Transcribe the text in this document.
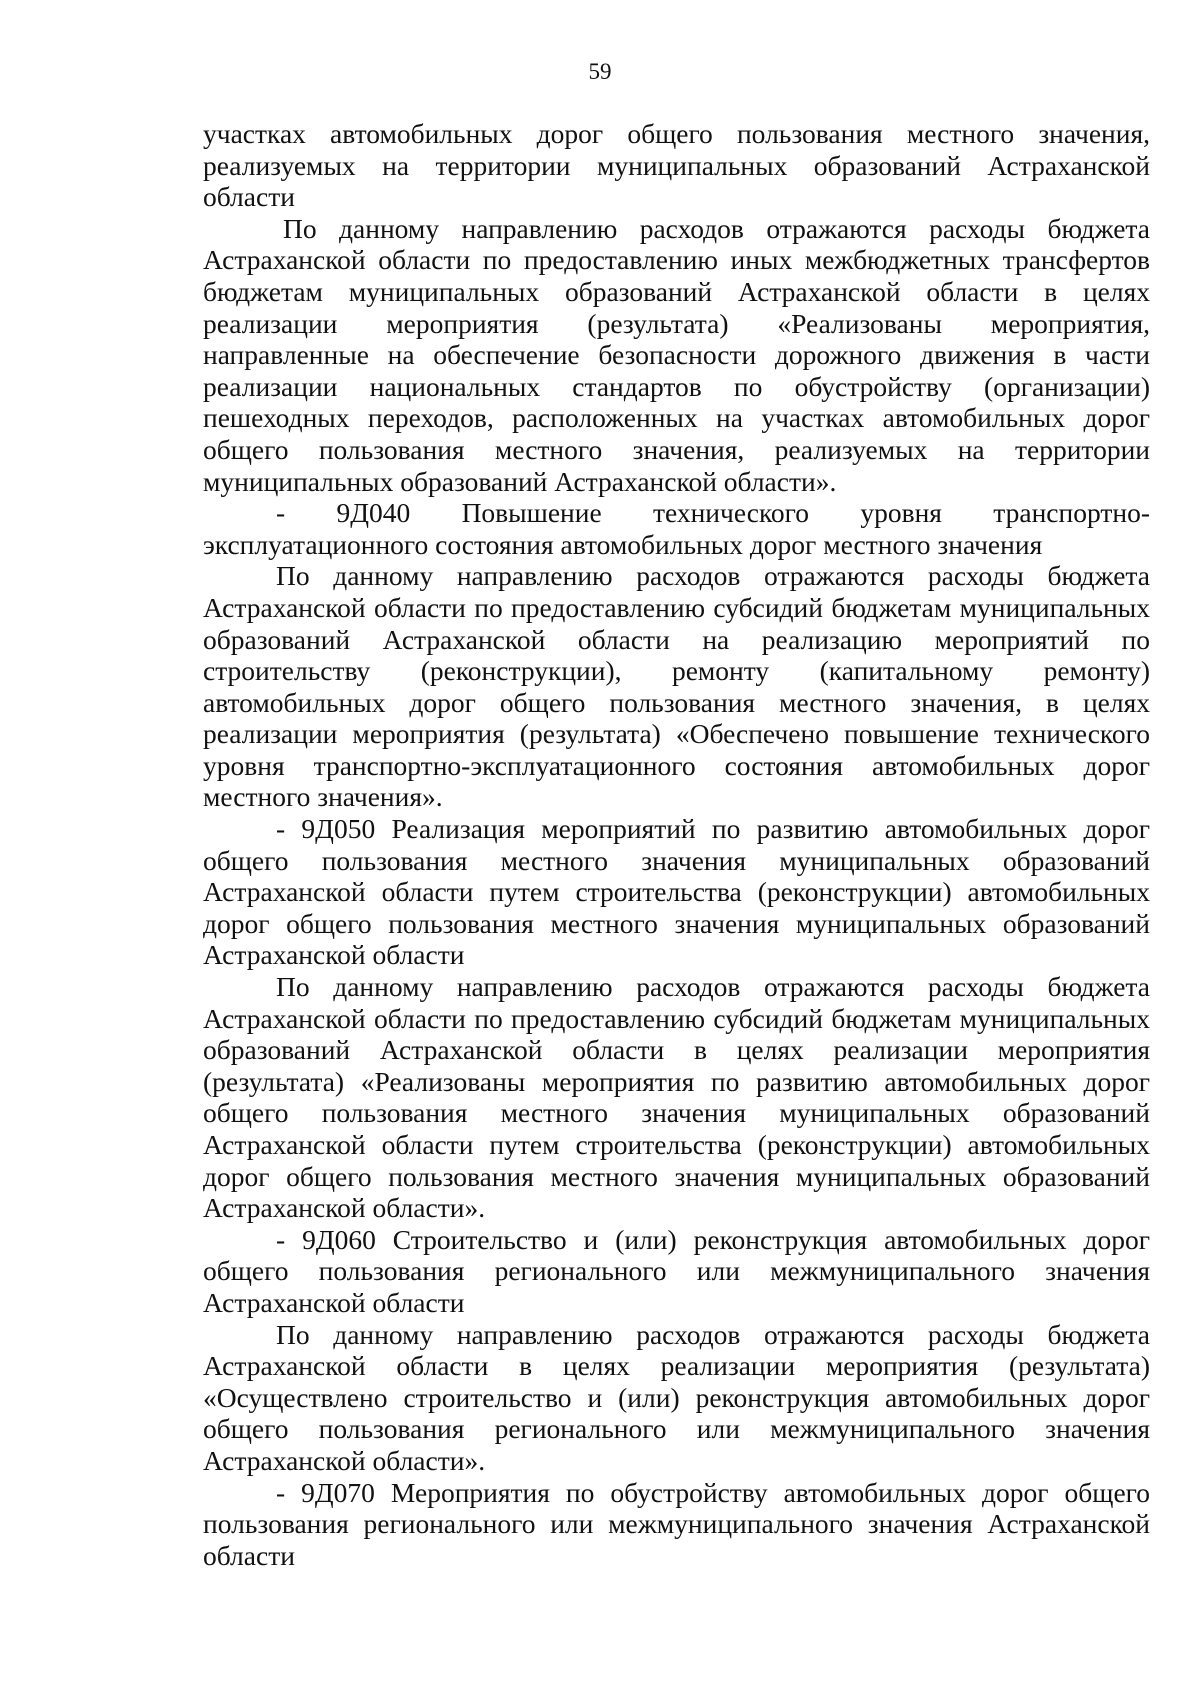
59

участках автомобильных дорог общего пользования местного значения, реализуемых на территории муниципальных образований Астраханской области

По данному направлению расходов отражаются расходы бюджета Астраханской области по предоставлению иных межбюджетных трансфертов бюджетам муниципальных образований Астраханской области в целях реализации мероприятия (результата) «Реализованы мероприятия, направленные на обеспечение безопасности дорожного движения в части реализации национальных стандартов по обустройству (организации) пешеходных переходов, расположенных на участках автомобильных дорог общего пользования местного значения, реализуемых на территории муниципальных образований Астраханской области».

- 9Д040 Повышение технического уровня транспортно-эксплуатационного состояния автомобильных дорог местного значения

По данному направлению расходов отражаются расходы бюджета Астраханской области по предоставлению субсидий бюджетам муниципальных образований Астраханской области на реализацию мероприятий по строительству (реконструкции), ремонту (капитальному ремонту) автомобильных дорог общего пользования местного значения, в целях реализации мероприятия (результата) «Обеспечено повышение технического уровня транспортно-эксплуатационного состояния автомобильных дорог местного значения».

- 9Д050 Реализация мероприятий по развитию автомобильных дорог общего пользования местного значения муниципальных образований Астраханской области путем строительства (реконструкции) автомобильных дорог общего пользования местного значения муниципальных образований Астраханской области

По данному направлению расходов отражаются расходы бюджета Астраханской области по предоставлению субсидий бюджетам муниципальных образований Астраханской области в целях реализации мероприятия (результата) «Реализованы мероприятия по развитию автомобильных дорог общего пользования местного значения муниципальных образований Астраханской области путем строительства (реконструкции) автомобильных дорог общего пользования местного значения муниципальных образований Астраханской области».

- 9Д060 Строительство и (или) реконструкция автомобильных дорог общего пользования регионального или межмуниципального значения Астраханской области

По данному направлению расходов отражаются расходы бюджета Астраханской области в целях реализации мероприятия (результата) «Осуществлено строительство и (или) реконструкция автомобильных дорог общего пользования регионального или межмуниципального значения Астраханской области».

- 9Д070 Мероприятия по обустройству автомобильных дорог общего пользования регионального или межмуниципального значения Астраханской области
